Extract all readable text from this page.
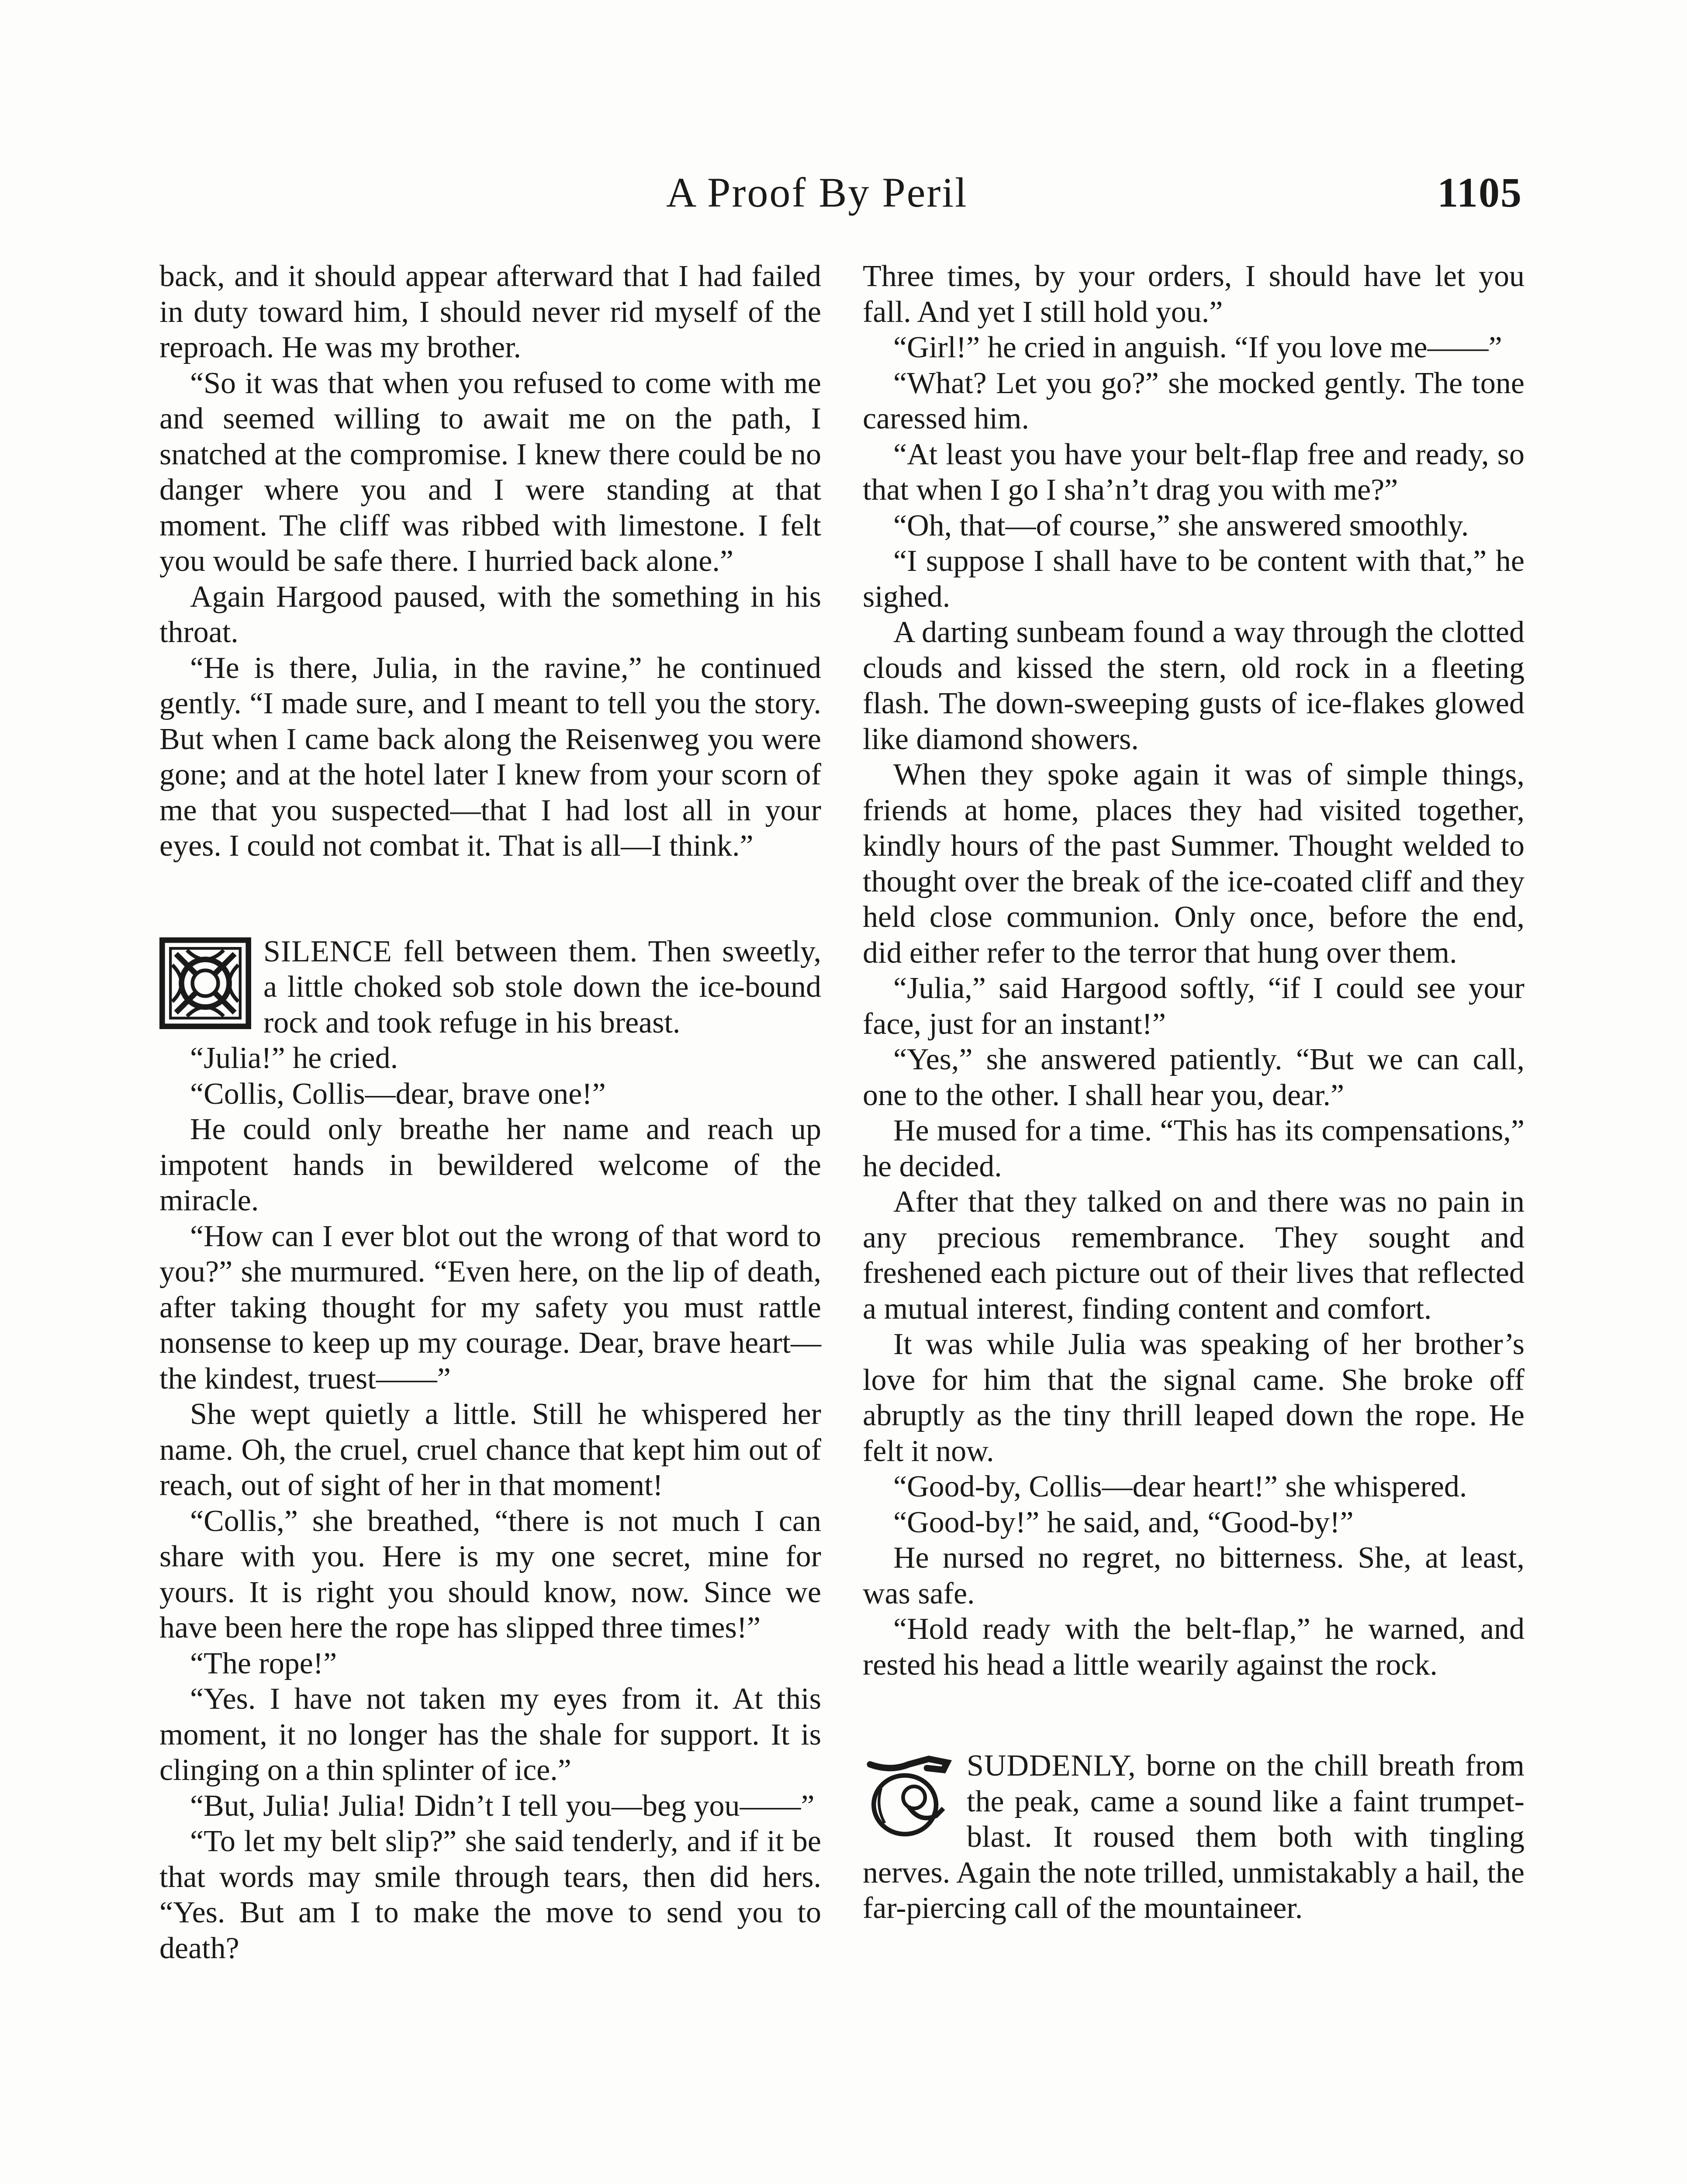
A Proof By Peril	1105

back, and it should appear afterward that I had failed in duty toward him, I should never rid myself of the reproach. He was my brother.

“So it was that when you refused to come with me and seemed willing to await me on the path, I snatched at the compromise. I knew there could be no danger where you and I were standing at that moment. The cliff was ribbed with limestone. I felt you would be safe there. I hurried back alone.”

Again Hargood paused, with the something in his throat.

“He is there, Julia, in the ravine,” he continued gently. “I made sure, and I meant to tell you the story. But when I came back along the Reisenweg you were gone; and at the hotel later I knew from your scorn of me that you suspected—that I had lost all in your eyes. I could not combat it. That is all—I think.”

SILENCE fell between them. Then sweetly, a little choked sob stole down the ice-bound rock and took refuge in his breast.

“Julia!” he cried.

“Collis, Collis—dear, brave one!”

He could only breathe her name and reach up impotent hands in bewildered welcome of the miracle.

“How can I ever blot out the wrong of that word to you?” she murmured. “Even here, on the lip of death, after taking thought for my safety you must rattle nonsense to keep up my courage. Dear, brave heart—the kindest, truest——”

She wept quietly a little. Still he whispered her name. Oh, the cruel, cruel chance that kept him out of reach, out of sight of her in that moment!

“Collis,” she breathed, “there is not much I can share with you. Here is my one secret, mine for yours. It is right you should know, now. Since we have been here the rope has slipped three times!”

“The rope!”

“Yes. I have not taken my eyes from it. At this moment, it no longer has the shale for support. It is clinging on a thin splinter of ice.”

“But, Julia! Julia! Didn’t I tell you—beg you——”

“To let my belt slip?” she said tenderly, and if it be that words may smile through tears, then did hers. “Yes. But am I to make the move to send you to death?

Three times, by your orders, I should have let you fall. And yet I still hold you.”

“Girl!” he cried in anguish. “If you love me——”

“What? Let you go?” she mocked gently. The tone caressed him.

“At least you have your belt-flap free and ready, so that when I go I sha’n’t drag you with me?”

“Oh, that—of course,” she answered smoothly.

“I suppose I shall have to be content with that,” he sighed.

A darting sunbeam found a way through the clotted clouds and kissed the stern, old rock in a fleeting flash. The down-sweeping gusts of ice-flakes glowed like diamond showers.

When they spoke again it was of simple things, friends at home, places they had visited together, kindly hours of the past Summer. Thought welded to thought over the break of the ice-coated cliff and they held close communion. Only once, before the end, did either refer to the terror that hung over them.

“Julia,” said Hargood softly, “if I could see your face, just for an instant!”

“Yes,” she answered patiently. “But we can call, one to the other. I shall hear you, dear.”

He mused for a time. “This has its compensations,” he decided.

After that they talked on and there was no pain in any precious remembrance. They sought and freshened each picture out of their lives that reflected a mutual interest, finding content and comfort.

It was while Julia was speaking of her brother’s love for him that the signal came. She broke off abruptly as the tiny thrill leaped down the rope. He felt it now.

“Good-by, Collis—dear heart!” she whispered.

“Good-by!” he said, and, “Good-by!”

He nursed no regret, no bitterness. She, at least, was safe.

“Hold ready with the belt-flap,” he warned, and rested his head a little wearily against the rock.

SUDDENLY, borne on the chill breath from the peak, came a sound like a faint trumpet-blast. It roused them both with tingling nerves. Again the note trilled, unmistakably a hail, the far-piercing call of the mountaineer.
